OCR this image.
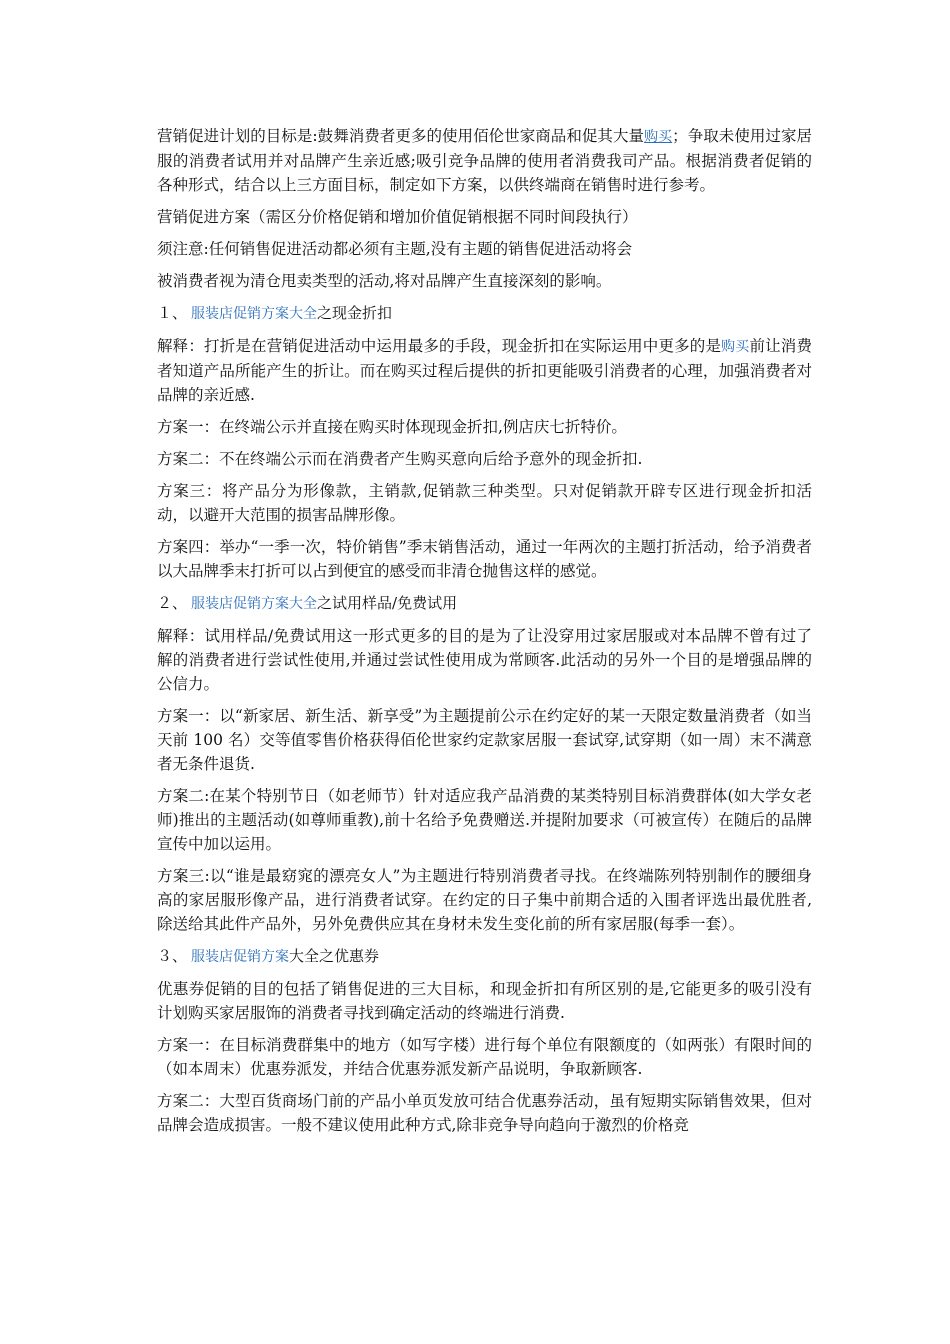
营销促进计划的目标是:鼓舞消费者更多的使用佰伦世家商品和促其大量购买；争取未使用过家居服的消费者试用并对品牌产生亲近感;吸引竞争品牌的使用者消费我司产品。根据消费者促销的各种形式，结合以上三方面目标，制定如下方案，以供终端商在销售时进行参考。

营销促进方案（需区分价格促销和增加价值促销根据不同时间段执行）

须注意:任何销售促进活动都必须有主题,没有主题的销售促进活动将会

被消费者视为清仓甩卖类型的活动,将对品牌产生直接深刻的影响。

１、 服装店促销方案大全之现金折扣

解释：打折是在营销促进活动中运用最多的手段，现金折扣在实际运用中更多的是购买前让消费者知道产品所能产生的折让。而在购买过程后提供的折扣更能吸引消费者的心理，加强消费者对品牌的亲近感.

方案一：在终端公示并直接在购买时体现现金折扣,例店庆七折特价。

方案二：不在终端公示而在消费者产生购买意向后给予意外的现金折扣.

方案三：将产品分为形像款，主销款,促销款三种类型。只对促销款开辟专区进行现金折扣活动，以避开大范围的损害品牌形像。

方案四：举办“一季一次，特价销售”季末销售活动，通过一年两次的主题打折活动，给予消费者以大品牌季末打折可以占到便宜的感受而非清仓抛售这样的感觉。

２、 服装店促销方案大全之试用样品/免费试用

解释：试用样品/免费试用这一形式更多的目的是为了让没穿用过家居服或对本品牌不曾有过了解的消费者进行尝试性使用,并通过尝试性使用成为常顾客.此活动的另外一个目的是增强品牌的公信力。

方案一：以“新家居、新生活、新享受”为主题提前公示在约定好的某一天限定数量消费者（如当天前 100 名）交等值零售价格获得佰伦世家约定款家居服一套试穿,试穿期（如一周）末不满意者无条件退货.

方案二:在某个特别节日（如老师节）针对适应我产品消费的某类特别目标消费群体(如大学女老师)推出的主题活动(如尊师重教),前十名给予免费赠送.并提附加要求（可被宣传）在随后的品牌宣传中加以运用。

方案三:以“谁是最窈窕的漂亮女人”为主题进行特别消费者寻找。在终端陈列特别制作的腰细身高的家居服形像产品，进行消费者试穿。在约定的日子集中前期合适的入围者评选出最优胜者,除送给其此件产品外，另外免费供应其在身材未发生变化前的所有家居服(每季一套）。

３、 服装店促销方案大全之优惠券

优惠券促销的目的包括了销售促进的三大目标，和现金折扣有所区别的是,它能更多的吸引没有计划购买家居服饰的消费者寻找到确定活动的终端进行消费.

方案一：在目标消费群集中的地方（如写字楼）进行每个单位有限额度的（如两张）有限时间的（如本周末）优惠券派发，并结合优惠券派发新产品说明，争取新顾客.

方案二：大型百货商场门前的产品小单页发放可结合优惠券活动，虽有短期实际销售效果，但对品牌会造成损害。一般不建议使用此种方式,除非竞争导向趋向于激烈的价格竞
